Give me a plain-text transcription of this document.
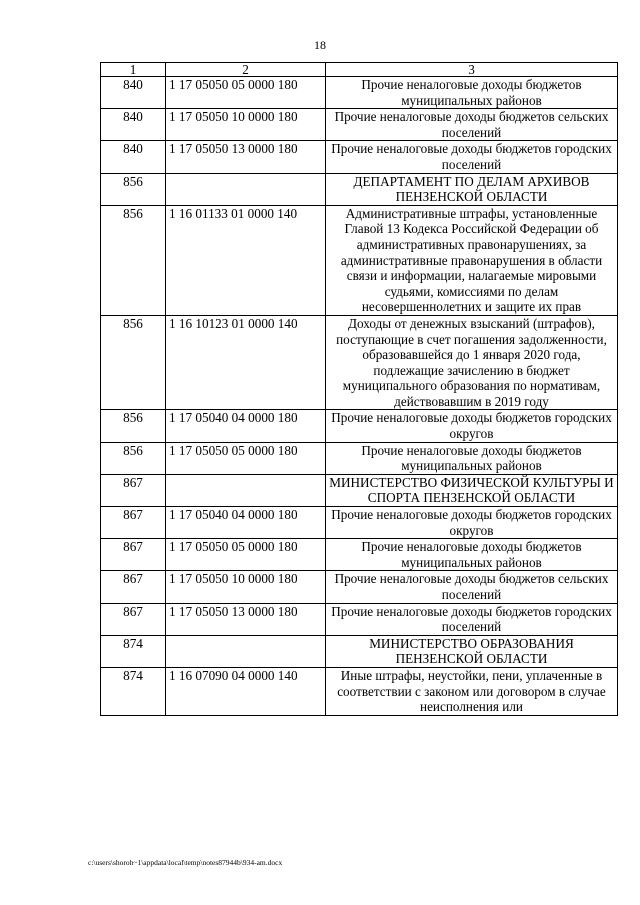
18
1	2	3
840	1 17 05050 05 0000 180	Прочие неналоговые доходы бюджетов муниципальных районов
840	1 17 05050 10 0000 180	Прочие неналоговые доходы бюджетов сельских поселений
840	1 17 05050 13 0000 180	Прочие неналоговые доходы бюджетов городских поселений
856		ДЕПАРТАМЕНТ ПО ДЕЛАМ АРХИВОВ ПЕНЗЕНСКОЙ ОБЛАСТИ
856	1 16 01133 01 0000 140	Административные штрафы, установленные Главой 13 Кодекса Российской Федерации об административных правонарушениях, за административные правонарушения в области связи и информации, налагаемые мировыми судьями, комиссиями по делам несовершеннолетних и защите их прав
856	1 16 10123 01 0000 140	Доходы от денежных взысканий (штрафов), поступающие в счет погашения задолженности, образовавшейся до 1 января 2020 года, подлежащие зачислению в бюджет муниципального образования по нормативам, действовавшим в 2019 году
856	1 17 05040 04 0000 180	Прочие неналоговые доходы бюджетов городских округов
856	1 17 05050 05 0000 180	Прочие неналоговые доходы бюджетов муниципальных районов
867		МИНИСТЕРСТВО ФИЗИЧЕСКОЙ КУЛЬТУРЫ И СПОРТА ПЕНЗЕНСКОЙ ОБЛАСТИ
867	1 17 05040 04 0000 180	Прочие неналоговые доходы бюджетов городских округов
867	1 17 05050 05 0000 180	Прочие неналоговые доходы бюджетов муниципальных районов
867	1 17 05050 10 0000 180	Прочие неналоговые доходы бюджетов сельских поселений
867	1 17 05050 13 0000 180	Прочие неналоговые доходы бюджетов городских поселений
874		МИНИСТЕРСТВО ОБРАЗОВАНИЯ ПЕНЗЕНСКОЙ ОБЛАСТИ
874	1 16 07090 04 0000 140	Иные штрафы, неустойки, пени, уплаченные в соответствии с законом или договором в случае неисполнения или
c:\users\shoroh~1\appdata\local\temp\notes87944b\934-am.docx
